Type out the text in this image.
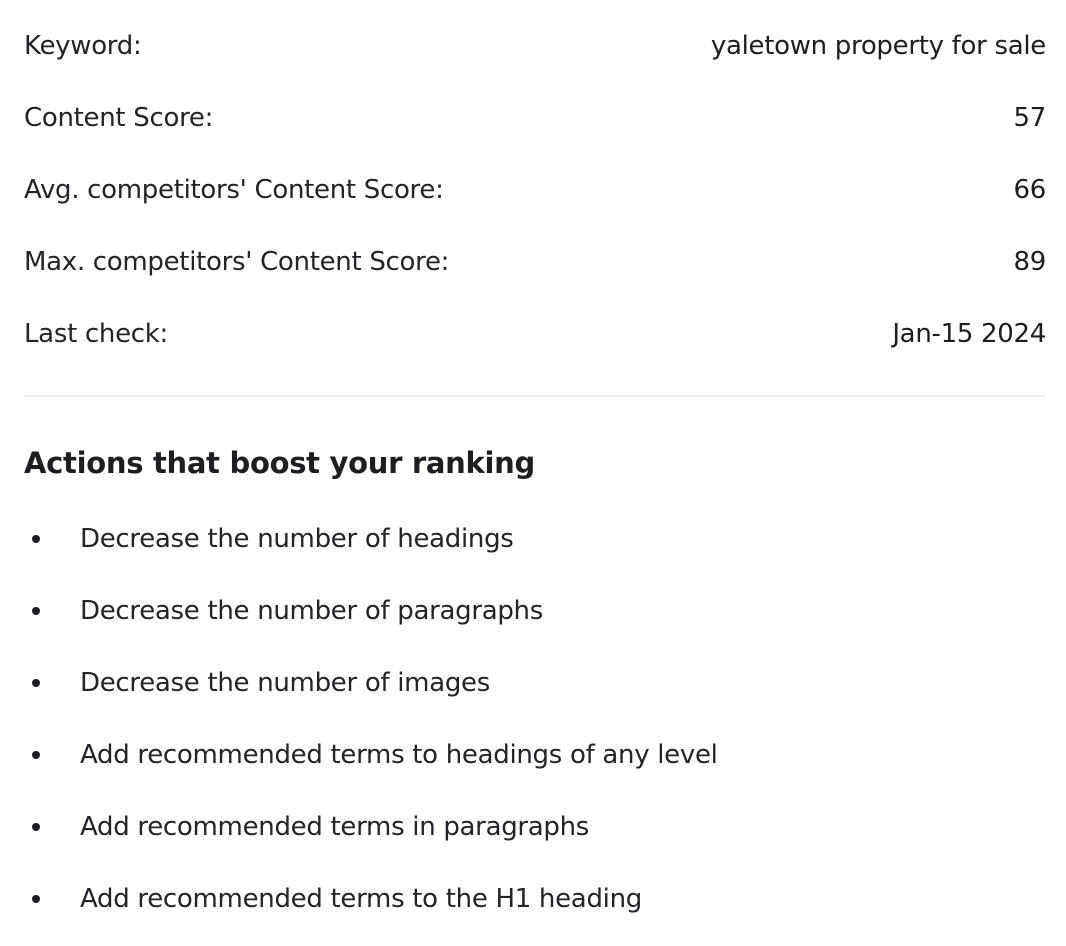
Keyword:	yaletown property for sale
Content Score:	57
Avg. competitors' Content Score:	66
Max. competitors' Content Score:	89
Last check:	Jan-15 2024
Actions that boost your ranking
Decrease the number of headings
Decrease the number of paragraphs
Decrease the number of images
Add recommended terms to headings of any level
Add recommended terms in paragraphs
Add recommended terms to the H1 heading
